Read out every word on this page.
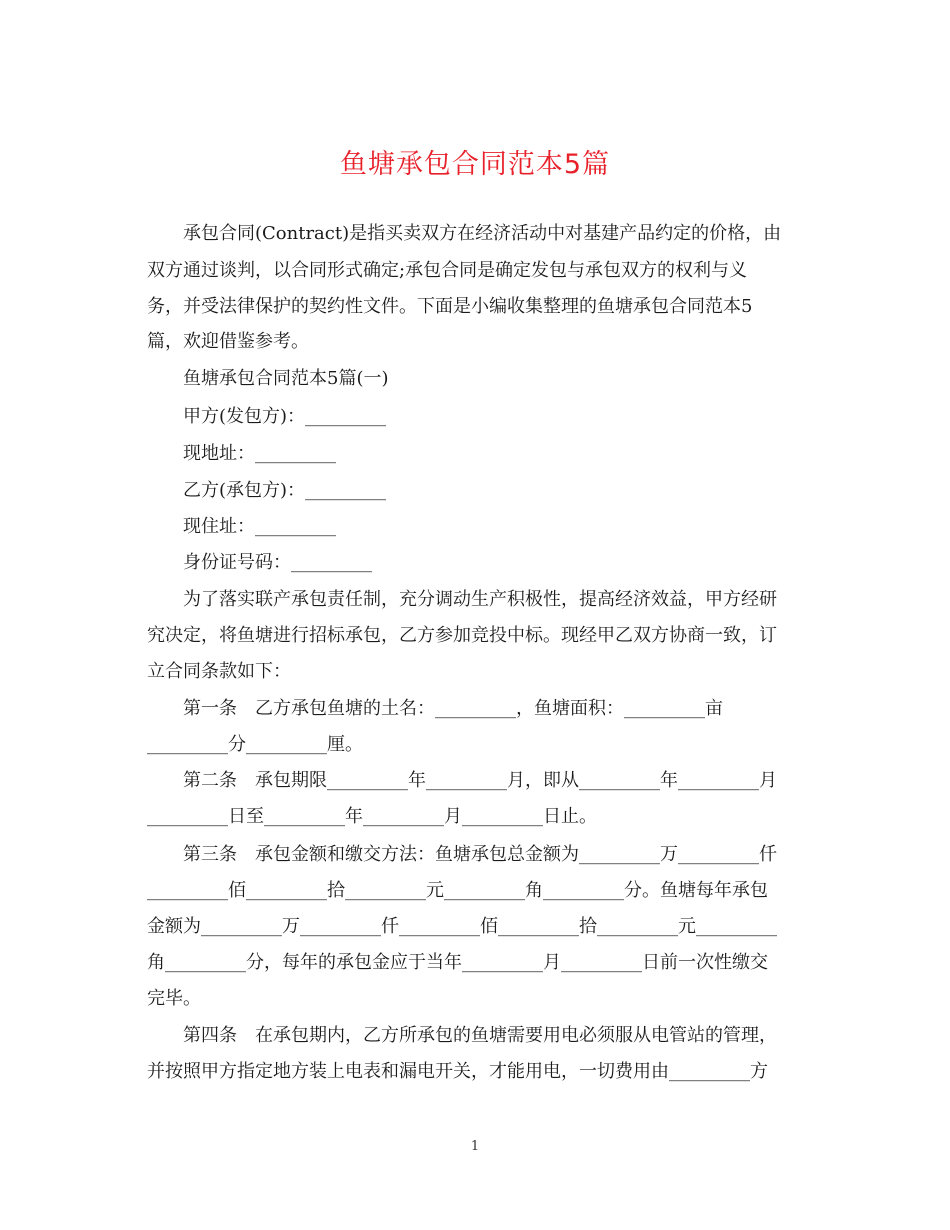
鱼塘承包合同范本5篇
承包合同(Contract)是指买卖双方在经济活动中对基建产品约定的价格，由
双方通过谈判，以合同形式确定;承包合同是确定发包与承包双方的权利与义
务，并受法律保护的契约性文件。下面是小编收集整理的鱼塘承包合同范本5
篇，欢迎借鉴参考。
鱼塘承包合同范本5篇(一)
甲方(发包方)：_________
现地址：_________
乙方(承包方)：_________
现住址：_________
身份证号码：_________
为了落实联产承包责任制，充分调动生产积极性，提高经济效益，甲方经研
究决定，将鱼塘进行招标承包，乙方参加竞投中标。现经甲乙双方协商一致，订
立合同条款如下：
第一条　乙方承包鱼塘的土名：_________，鱼塘面积：_________亩
_________分_________厘。
第二条　承包期限_________年_________月，即从_________年_________月
_________日至_________年_________月_________日止。
第三条　承包金额和缴交方法：鱼塘承包总金额为_________万_________仟
_________佰_________拾_________元_________角_________分。鱼塘每年承包
金额为_________万_________仟_________佰_________拾_________元_________
角_________分，每年的承包金应于当年_________月_________日前一次性缴交
完毕。
第四条　在承包期内，乙方所承包的鱼塘需要用电必须服从电管站的管理，
并按照甲方指定地方装上电表和漏电开关，才能用电，一切费用由_________方
1
